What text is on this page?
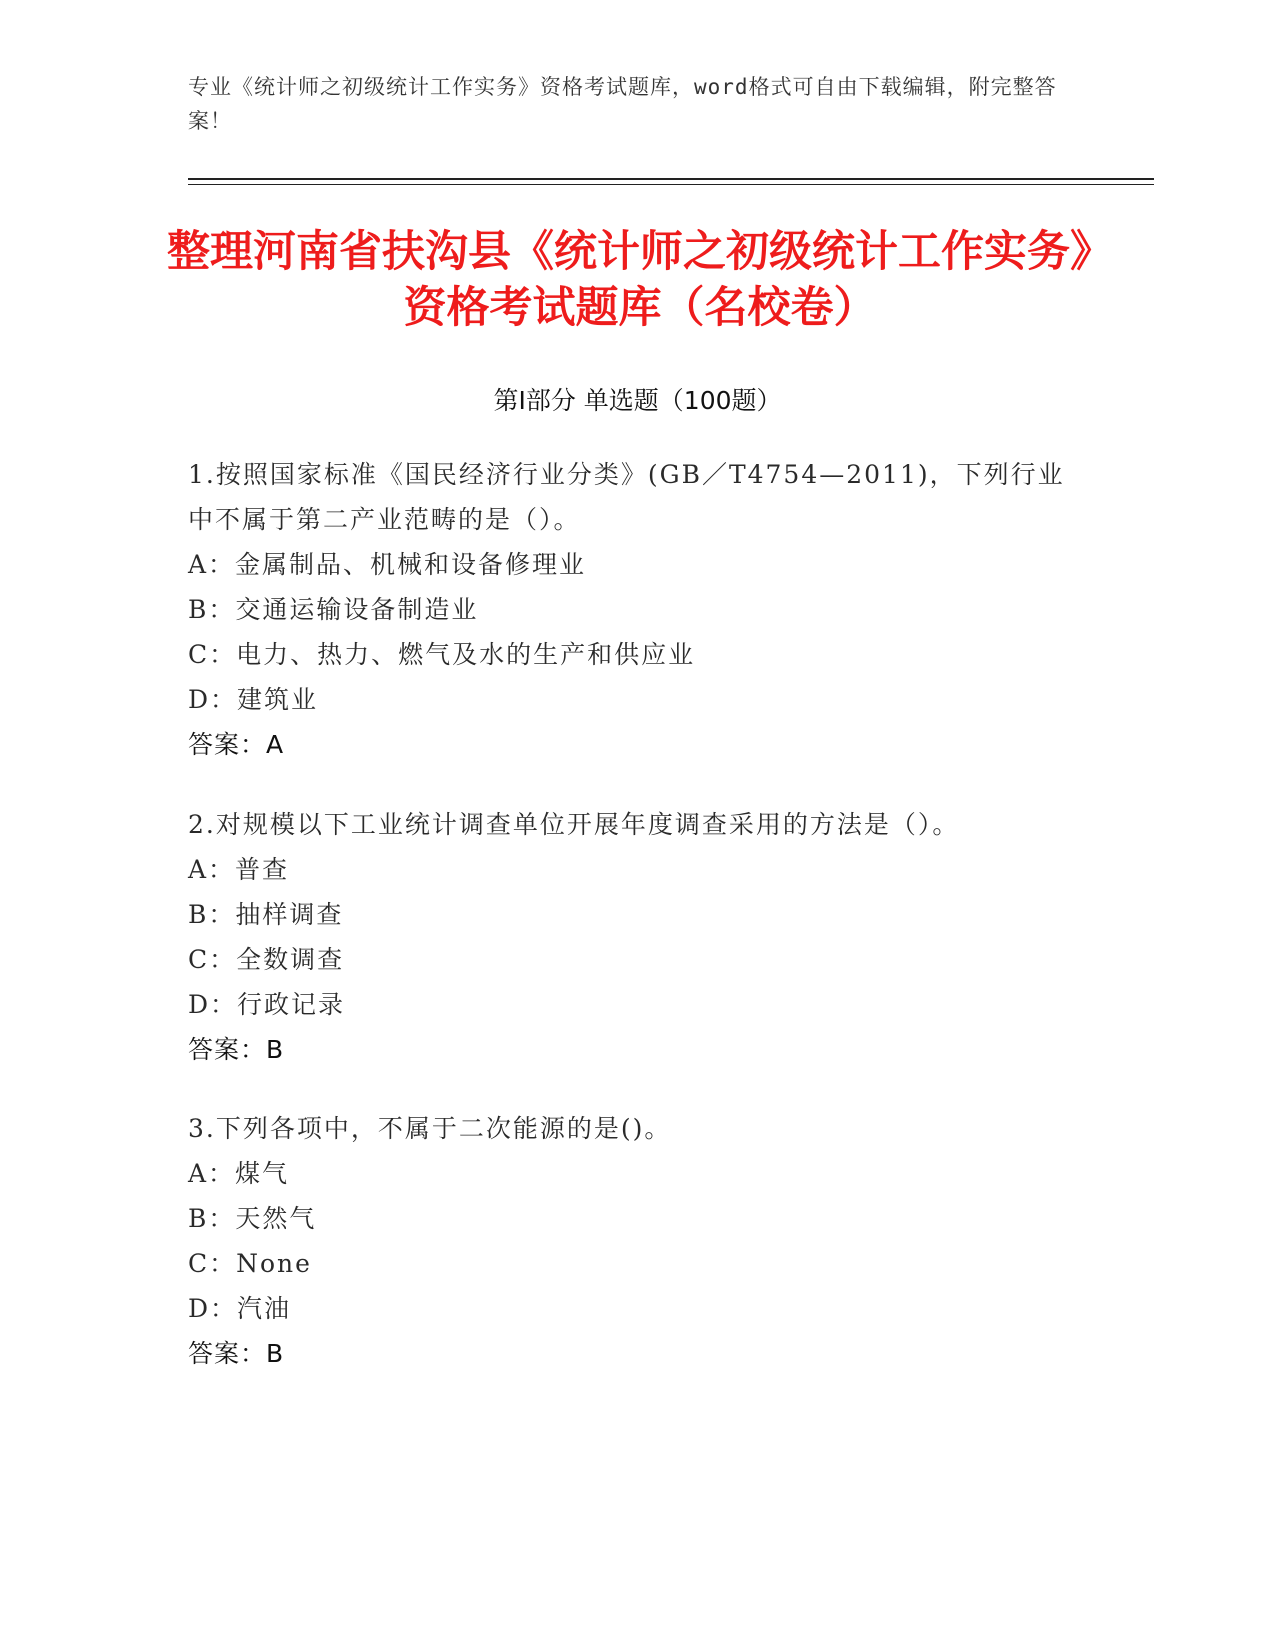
专业《统计师之初级统计工作实务》资格考试题库，word格式可自由下载编辑，附完整答案！
整理河南省扶沟县《统计师之初级统计工作实务》资格考试题库（名校卷）
第Ⅰ部分 单选题（100题）
1.按照国家标准《国民经济行业分类》(GB／T4754—2011)，下列行业中不属于第二产业范畴的是（）。
A：金属制品、机械和设备修理业
B：交通运输设备制造业
C：电力、热力、燃气及水的生产和供应业
D：建筑业
答案：A
2.对规模以下工业统计调查单位开展年度调查采用的方法是（）。
A：普查
B：抽样调查
C：全数调查
D：行政记录
答案：B
3.下列各项中，不属于二次能源的是()。
A：煤气
B：天然气
C：None
D：汽油
答案：B
